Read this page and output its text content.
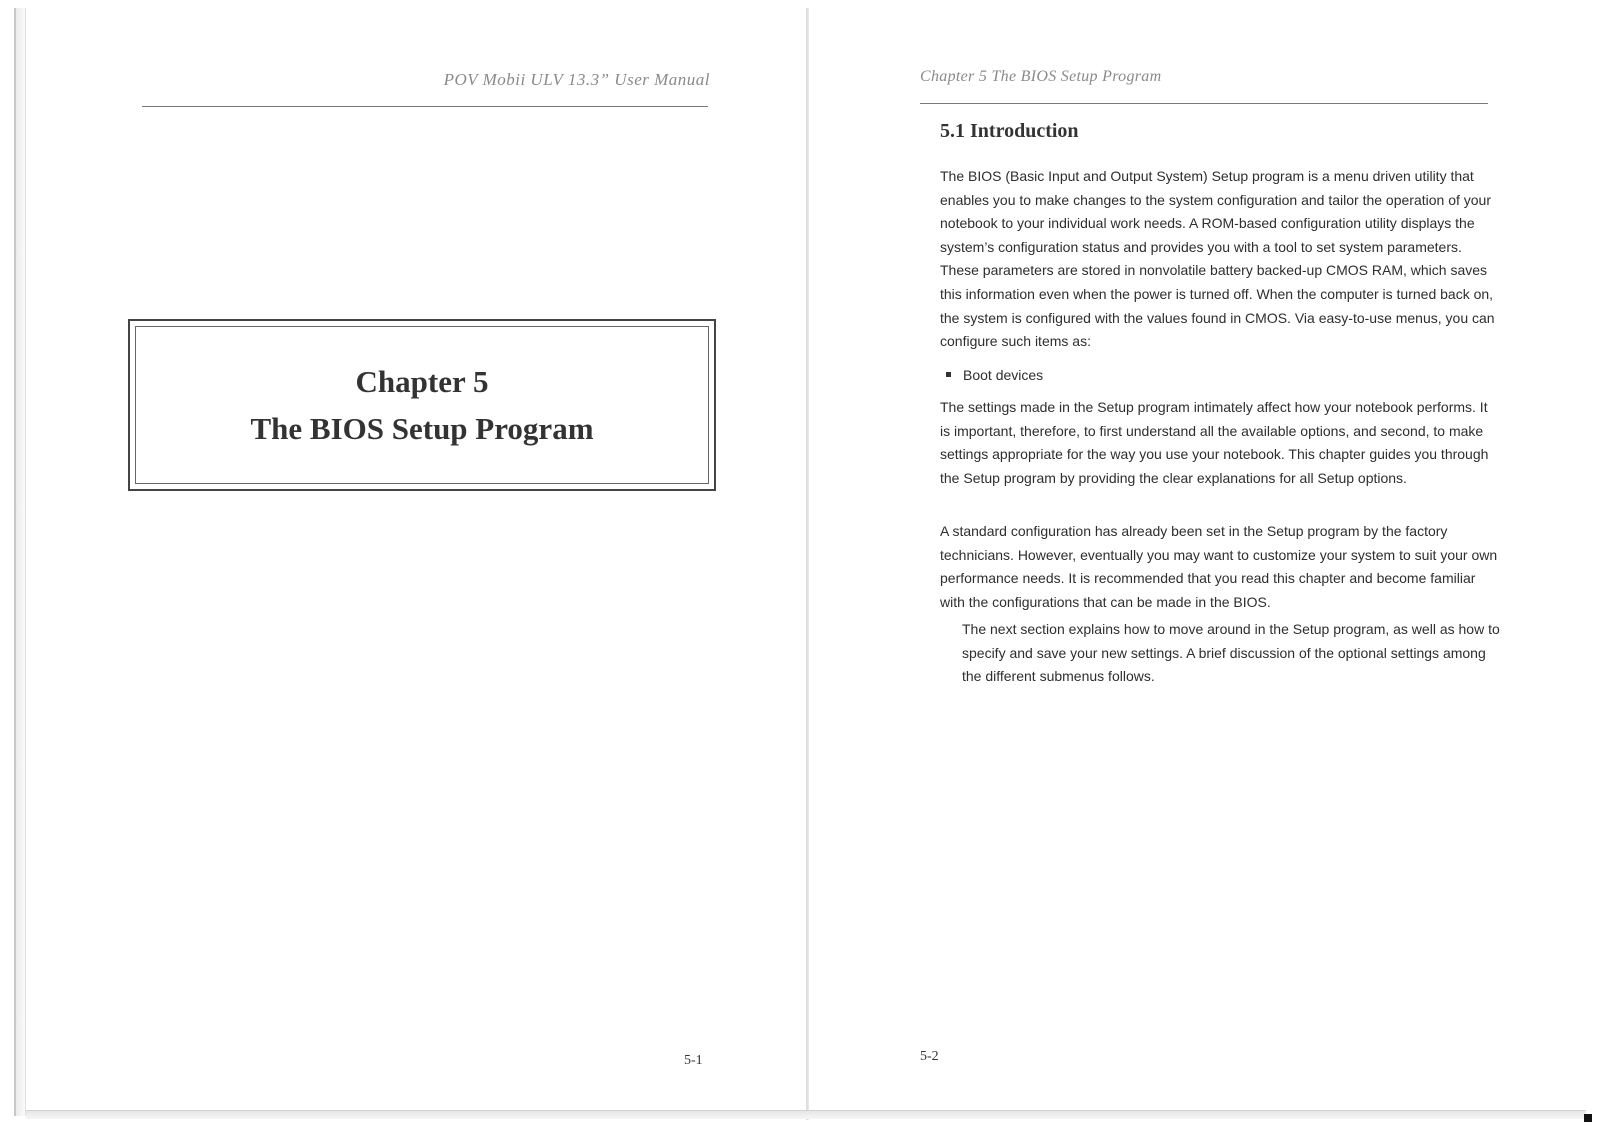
POV Mobii ULV 13.3” User Manual
Chapter 5
The BIOS Setup Program
5-1
Chapter 5 The BIOS Setup Program
5.1 Introduction

The BIOS (Basic Input and Output System) Setup program is a menu driven utility that enables you to make changes to the system configuration and tailor the operation of your notebook to your individual work needs. A ROM-based configuration utility displays the system’s configuration status and provides you with a tool to set system parameters. These parameters are stored in nonvolatile battery backed-up CMOS RAM, which saves this information even when the power is turned off. When the computer is turned back on, the system is configured with the values found in CMOS. Via easy-to-use menus, you can configure such items as:

Boot devices

The settings made in the Setup program intimately affect how your notebook performs. It is important, therefore, to first understand all the available options, and second, to make settings appropriate for the way you use your notebook. This chapter guides you through the Setup program by providing the clear explanations for all Setup options.

A standard configuration has already been set in the Setup program by the factory technicians. However, eventually you may want to customize your system to suit your own performance needs. It is recommended that you read this chapter and become familiar with the configurations that can be made in the BIOS.

The next section explains how to move around in the Setup program, as well as how to specify and save your new settings. A brief discussion of the optional settings among the different submenus follows.

5-2
